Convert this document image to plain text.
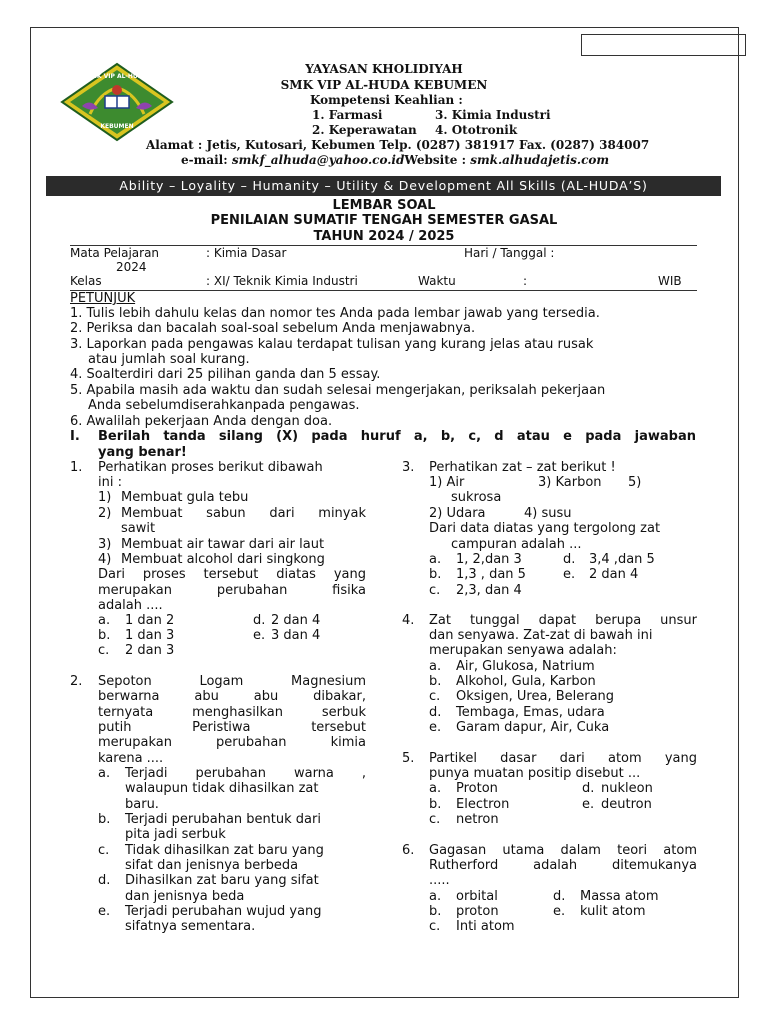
SMK VIP AL-HUDA
KEBUMEN
YAYASAN KHOLIDIYAH
SMK VIP AL-HUDA KEBUMEN
Kompetensi Keahlian :
1. Farmasi	3. Kimia Industri
2. Keperawatan	4. Ototronik
Alamat : Jetis, Kutosari, Kebumen Telp. (0287) 381917 Fax. (0287) 384007
e-mail: smkf_alhuda@yahoo.co.idWebsite : smk.alhudajetis.com
Ability – Loyality – Humanity – Utility & Development All Skills (AL-HUDA’S)
LEMBAR SOAL
PENILAIAN SUMATIF TENGAH SEMESTER GASAL
TAHUN 2024 / 2025
Mata Pelajaran	: Kimia Dasar	Hari / Tanggal :
2024
Kelas	: XI/ Teknik Kimia Industri	Waktu	:	WIB
PETUNJUK
1. Tulis lebih dahulu kelas dan nomor tes Anda pada lembar jawab yang tersedia.
2. Periksa dan bacalah soal-soal sebelum Anda menjawabnya.
3. Laporkan pada pengawas kalau terdapat tulisan yang kurang jelas atau rusak
atau jumlah soal kurang.
4. Soalterdiri dari 25 pilihan ganda dan 5 essay.
5. Apabila masih ada waktu dan sudah selesai mengerjakan, periksalah pekerjaan
Anda sebelumdiserahkanpada pengawas.
6. Awalilah pekerjaan Anda dengan doa.
I. Berilah tanda silang (X) pada huruf a, b, c, d atau e pada jawaban
yang benar!
1. Perhatikan proses berikut dibawah
ini :
1) Membuat gula tebu
2) Membuat sabun dari minyak
sawit
3) Membuat air tawar dari air laut
4) Membuat alcohol dari singkong
Dari proses tersebut diatas yang
merupakan perubahan fisika
adalah ....
a. 1 dan 2	d. 2 dan 4
b. 1 dan 3	e. 3 dan 4
c. 2 dan 3
2. Sepoton Logam Magnesium
berwarna abu abu dibakar,
ternyata menghasilkan serbuk
putih Peristiwa tersebut
merupakan perubahan kimia
karena ....
a. Terjadi perubahan warna ,
walaupun tidak dihasilkan zat
baru.
b. Terjadi perubahan bentuk dari
pita jadi serbuk
c. Tidak dihasilkan zat baru yang
sifat dan jenisnya berbeda
d. Dihasilkan zat baru yang sifat
dan jenisnya beda
e. Terjadi perubahan wujud yang
sifatnya sementara.
3. Perhatikan zat – zat berikut !
1) Air	3) Karbon 5)
sukrosa
2) Udara	4) susu
Dari data diatas yang tergolong zat
campuran adalah ...
a. 1, 2,dan 3	d. 3,4 ,dan 5
b. 1,3 , dan 5	e. 2 dan 4
c. 2,3, dan 4
4. Zat tunggal dapat berupa unsur
dan senyawa. Zat-zat di bawah ini
merupakan senyawa adalah:
a. Air, Glukosa, Natrium
b. Alkohol, Gula, Karbon
c. Oksigen, Urea, Belerang
d. Tembaga, Emas, udara
e. Garam dapur, Air, Cuka
5. Partikel dasar dari atom yang
punya muatan positip disebut ...
a. Proton	d. nukleon
b. Electron	e. deutron
c. netron
6. Gagasan utama dalam teori atom
Rutherford adalah ditemukanya
.....
a. orbital	d. Massa atom
b. proton	e. kulit atom
c. Inti atom
